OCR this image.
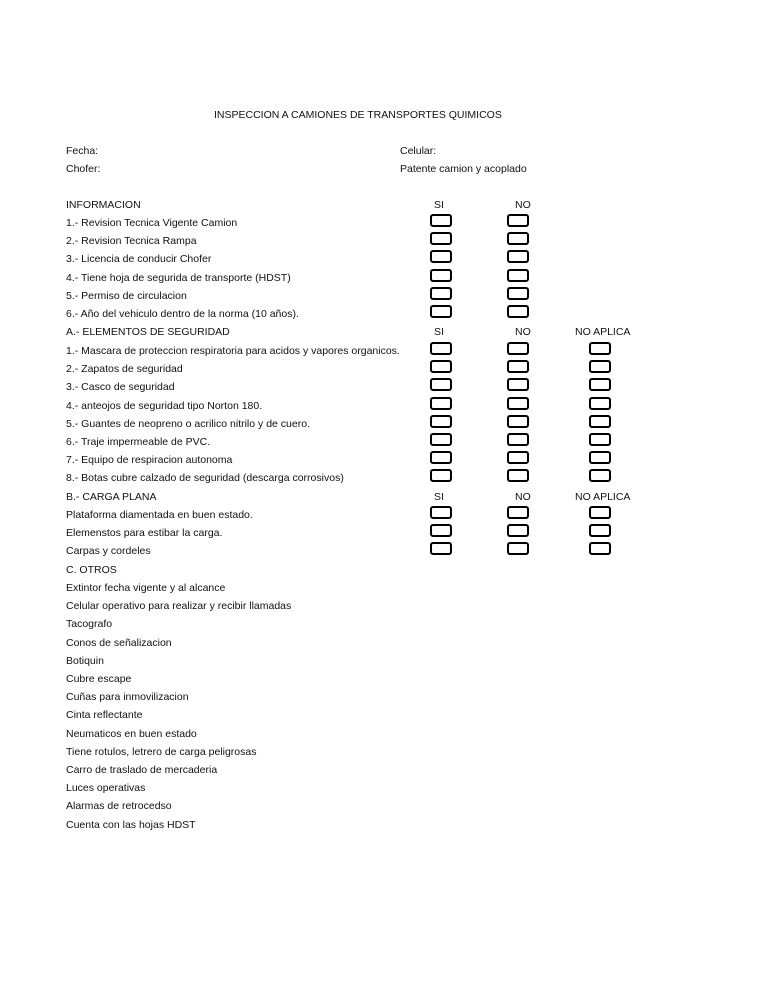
INSPECCION A CAMIONES DE TRANSPORTES QUIMICOS
Fecha:	Celular:
Chofer:	Patente camion y acoplado
INFORMACION	SI	NO
1.- Revision Tecnica Vigente Camion
2.- Revision Tecnica Rampa
3.- Licencia de conducir Chofer
4.- Tiene hoja de segurida de transporte (HDST)
5.- Permiso de circulacion
6.- Año del vehiculo dentro de la norma (10 años).
A.- ELEMENTOS DE SEGURIDAD	SI	NO	NO APLICA
1.- Mascara de proteccion respiratoria para acidos y vapores organicos.
2.- Zapatos de seguridad
3.- Casco de seguridad
4.- anteojos de seguridad tipo Norton 180.
5.- Guantes de neopreno o acrilico nitrilo y de cuero.
6.- Traje impermeable de PVC.
7.- Equipo de respiracion autonoma
8.- Botas cubre calzado de seguridad (descarga corrosivos)
B.- CARGA PLANA	SI	NO	NO APLICA
Plataforma diamentada en buen estado.
Elemenstos para estibar la carga.
Carpas y cordeles
C. OTROS
Extintor fecha vigente y al alcance
Celular operativo para realizar y recibir llamadas
Tacografo
Conos de señalizacion
Botiquin
Cubre escape
Cuñas para inmovilizacion
Cinta reflectante
Neumaticos en buen estado
Tiene rotulos, letrero de carga peligrosas
Carro de traslado de mercaderia
Luces operativas
Alarmas de retrocedso
Cuenta con las hojas HDST
